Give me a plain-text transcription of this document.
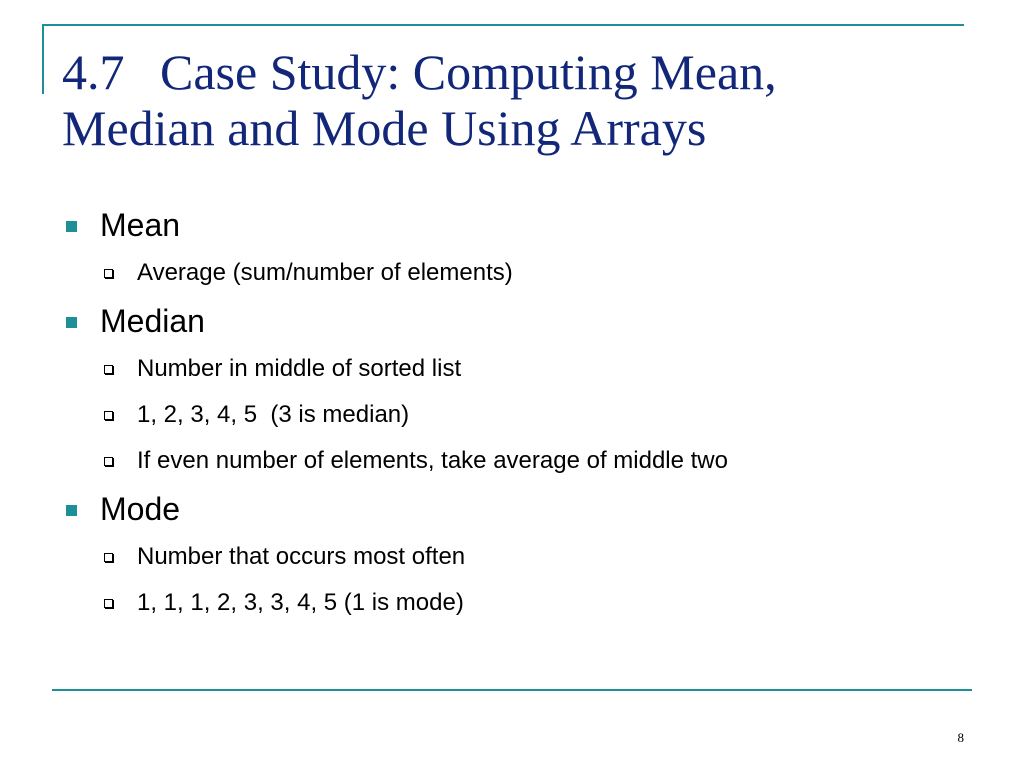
4.7 Case Study: Computing Mean,
Median and Mode Using Arrays
Mean
Average (sum/number of elements)
Median
Number in middle of sorted list
1, 2, 3, 4, 5  (3 is median)
If even number of elements, take average of middle two
Mode
Number that occurs most often
1, 1, 1, 2, 3, 3, 4, 5 (1 is mode)
8
